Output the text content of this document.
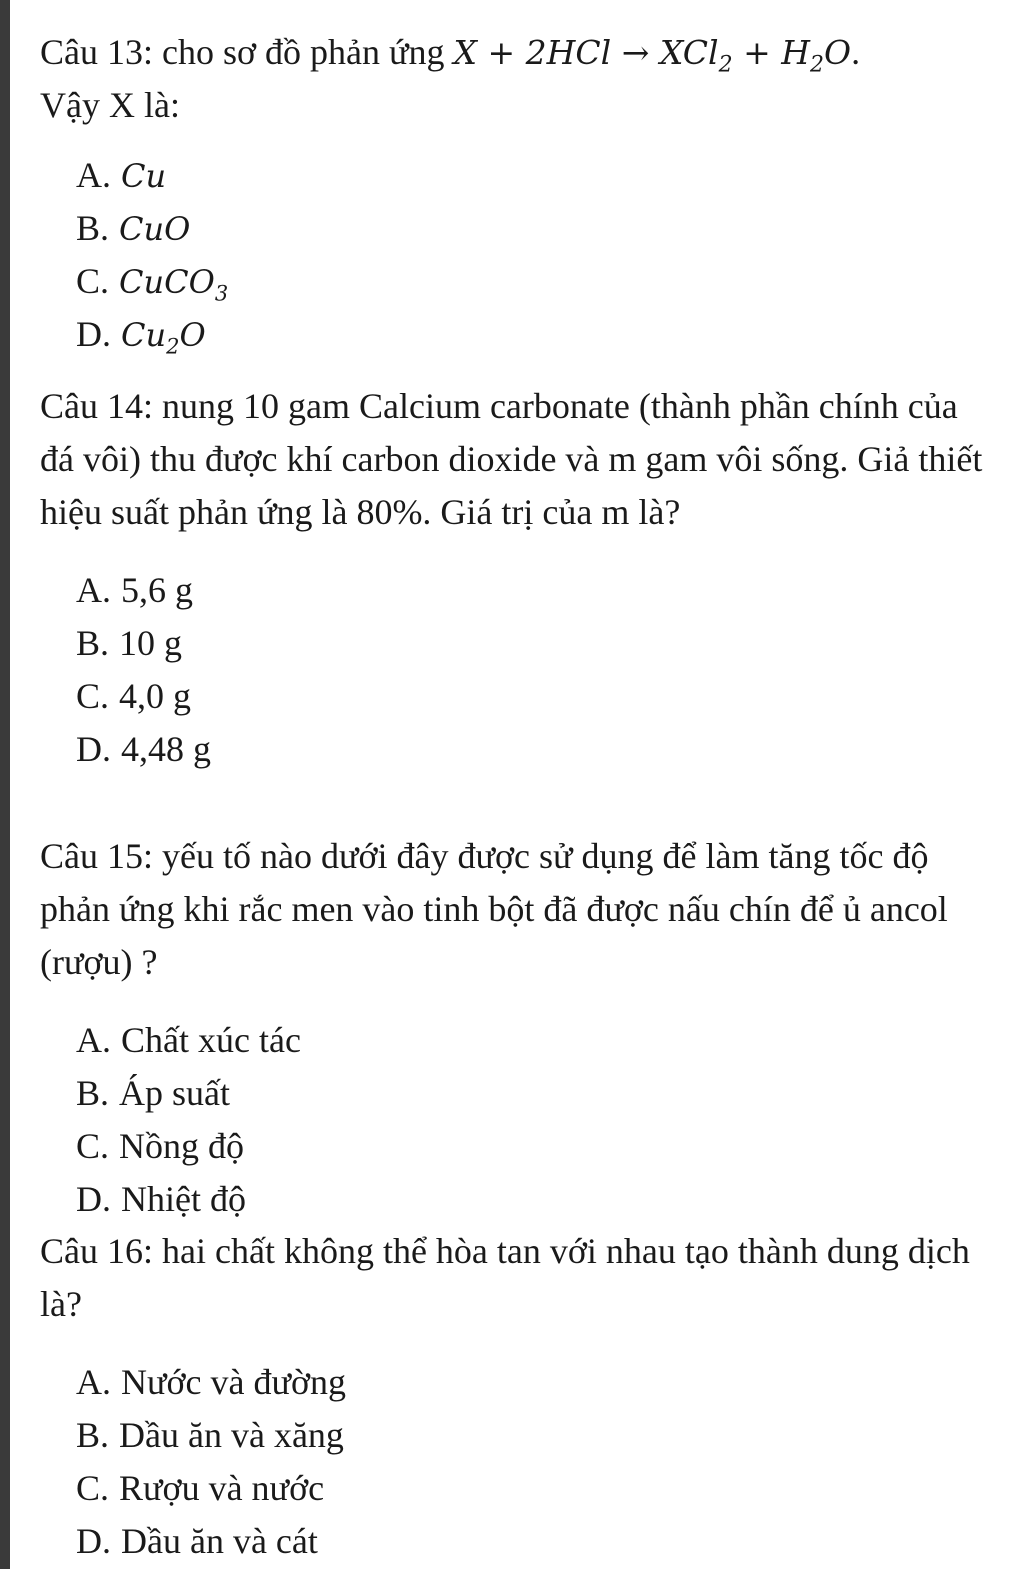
Câu 13: cho sơ đồ phản ứng $X + 2HCl \to XCl_2 + H_2O$.
Vậy X là:

A. Cu
B. CuO
C. CuCO$_3$
D. $Cu_2O$

Câu 14: nung 10 gam Calcium carbonate (thành phần chính của đá vôi) thu được khí carbon dioxide và m gam vôi sống. Giả thiết hiệu suất phản ứng là 80%. Giá trị của m là?

A. 5,6 g
B. 10 g
C. 4,0 g
D. 4,48 g

Câu 15: yếu tố nào dưới đây được sử dụng để làm tăng tốc độ phản ứng khi rắc men vào tinh bột đã được nấu chín để ủ ancol (rượu) ?

A. Chất xúc tác
B. Áp suất
C. Nồng độ
D. Nhiệt độ

Câu 16: hai chất không thể hòa tan với nhau tạo thành dung dịch là?

A. Nước và đường
B. Dầu ăn và xăng
C. Rượu và nước
D. Dầu ăn và cát
